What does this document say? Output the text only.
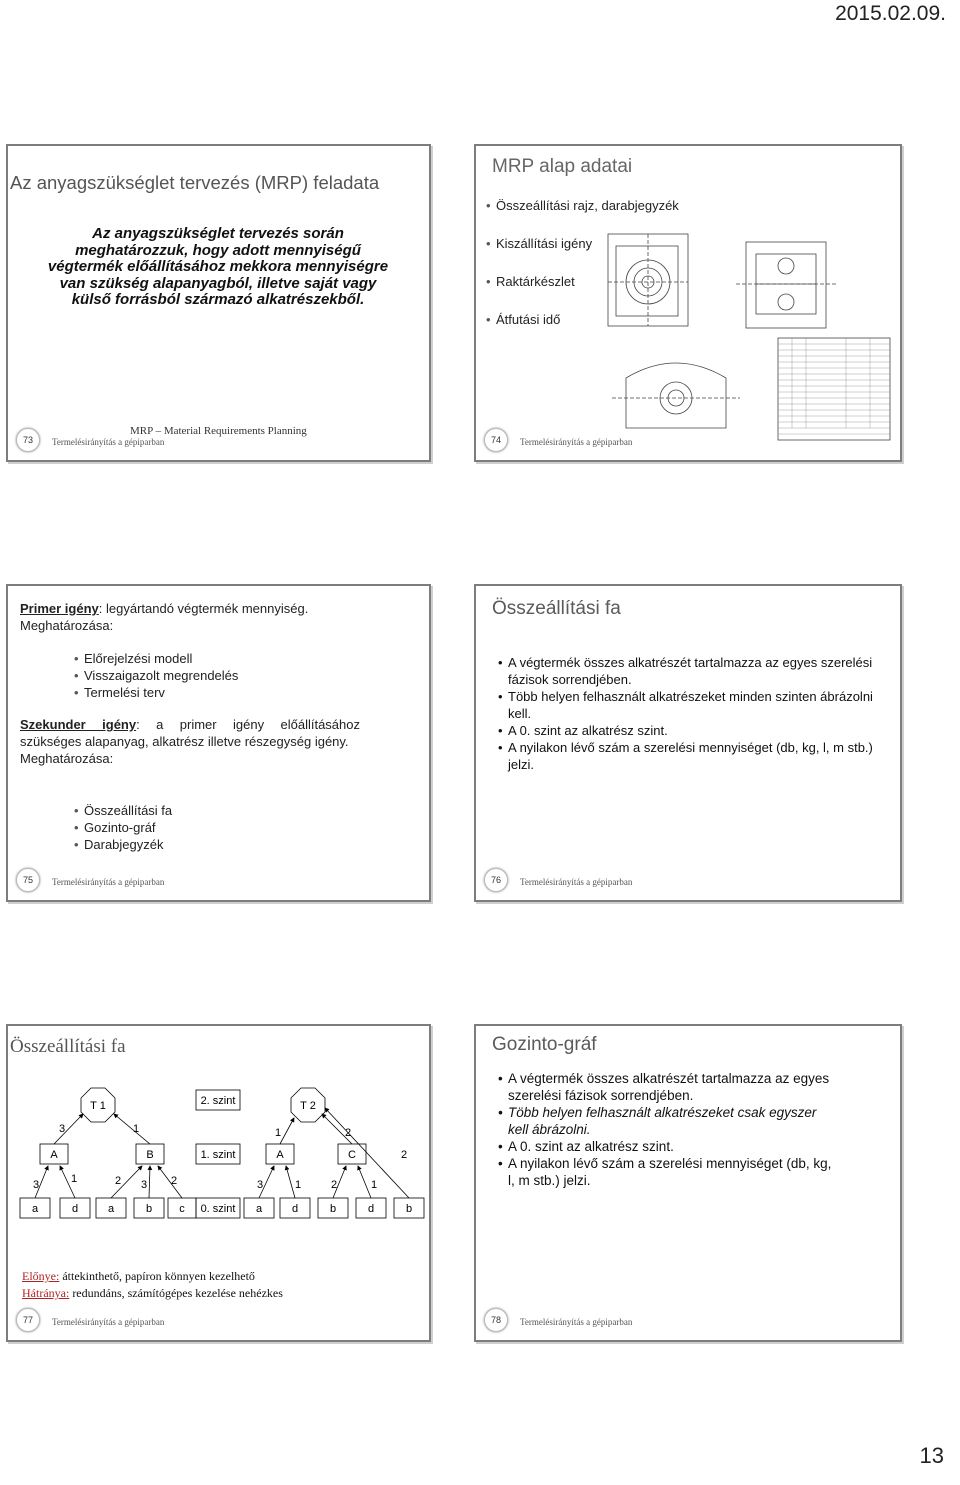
2015.02.09.
Az anyagszükséglet tervezés (MRP) feladata
Az anyagszükséglet tervezés során meghatározzuk, hogy adott mennyiségű végtermék előállításához mekkora mennyiségre van szükség alapanyagból, illetve saját vagy külső forrásból származó alkatrészekből.
MRP – Material Requirements Planning
73	Termelésirányítás a gépiparban
MRP alap adatai
• Összeállítási rajz, darabjegyzék
• Kiszállítási igény
• Raktárkészlet
• Átfutási idő
74	Termelésirányítás a gépiparban
Primer igény: legyártandó végtermék mennyiség.
Meghatározása:
• Előrejelzési modell
• Visszaigazolt megrendelés
• Termelési terv
Szekunder igény: a primer igény előállításához szükséges alapanyag, alkatrész illetve részegység igény.
Meghatározása:
• Összeállítási fa
• Gozinto-gráf
• Darabjegyzék
75	Termelésirányítás a gépiparban
Összeállítási fa
• A végtermék összes alkatrészét tartalmazza az egyes szerelési fázisok sorrendjében.
• Több helyen felhasznált alkatrészeket minden szinten ábrázolni kell.
• A 0. szint az alkatrész szint.
• A nyilakon lévő szám a szerelési mennyiséget (db, kg, l, m stb.) jelzi.
76	Termelésirányítás a gépiparban
Összeállítási fa
T 1	T 2
2. szint
1. szint
0. szint
A	B	A	C
a	d	a	b c	a	d	b	d	b
3	1	1	2
2
3	1	2 3 2	3	1	2	1
Előnye: áttekinthető, papíron könnyen kezelhető
Hátránya: redundáns, számítógépes kezelése nehézkes
77	Termelésirányítás a gépiparban
Gozinto-gráf
• A végtermék összes alkatrészét tartalmazza az egyes szerelési fázisok sorrendjében.
• Több helyen felhasznált alkatrészeket csak egyszer kell ábrázolni.
• A 0. szint az alkatrész szint.
• A nyilakon lévő szám a szerelési mennyiséget (db, kg, l, m stb.) jelzi.
78	Termelésirányítás a gépiparban
13
